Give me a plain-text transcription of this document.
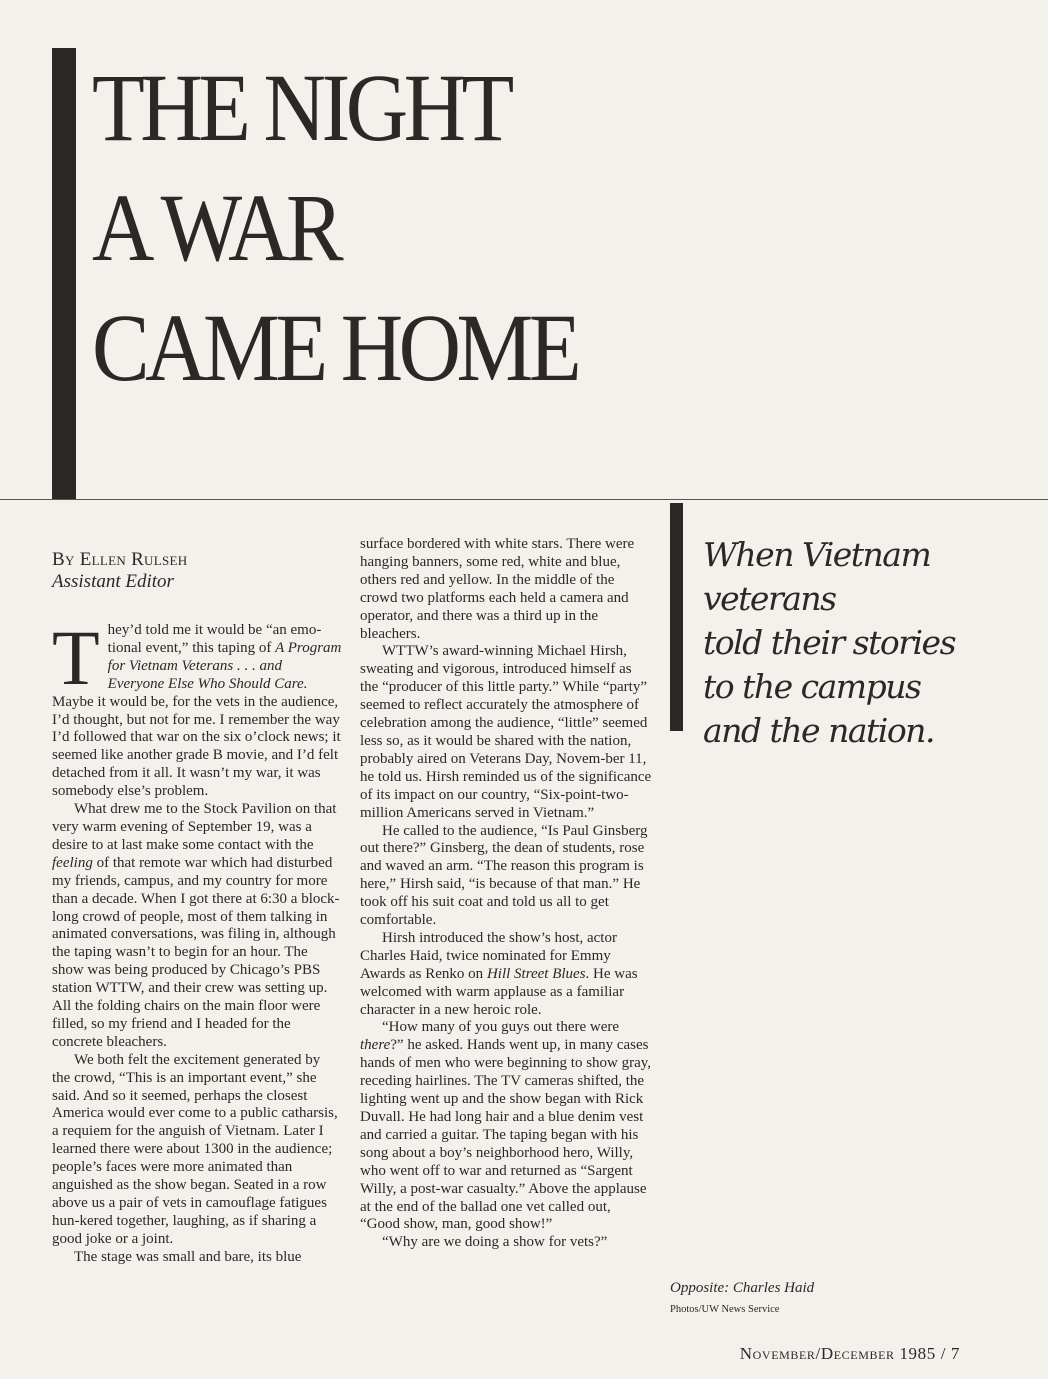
THE NIGHT
A WAR
CAME HOME
By Ellen Rulseh
Assistant Editor

They’d told me it would be “an emo-tional event,” this taping of A Program for Vietnam Veterans . . . and Everyone Else Who Should Care. Maybe it would be, for the vets in the audience, I’d thought, but not for me. I remember the way I’d followed that war on the six o’clock news; it seemed like another grade B movie, and I’d felt detached from it all. It wasn’t my war, it was somebody else’s problem.

What drew me to the Stock Pavilion on that very warm evening of September 19, was a desire to at last make some contact with the feeling of that remote war which had disturbed my friends, campus, and my country for more than a decade. When I got there at 6:30 a block-long crowd of people, most of them talking in animated conversations, was filing in, although the taping wasn’t to begin for an hour. The show was being produced by Chicago’s PBS station WTTW, and their crew was setting up. All the folding chairs on the main floor were filled, so my friend and I headed for the concrete bleachers.

We both felt the excitement generated by the crowd, “This is an important event,” she said. And so it seemed, perhaps the closest America would ever come to a public catharsis, a requiem for the anguish of Vietnam. Later I learned there were about 1300 in the audience; people’s faces were more animated than anguished as the show began. Seated in a row above us a pair of vets in camouflage fatigues hun-kered together, laughing, as if sharing a good joke or a joint.

The stage was small and bare, its blue

surface bordered with white stars. There were hanging banners, some red, white and blue, others red and yellow. In the middle of the crowd two platforms each held a camera and operator, and there was a third up in the bleachers.

WTTW’s award-winning Michael Hirsh, sweating and vigorous, introduced himself as the “producer of this little party.” While “party” seemed to reflect accurately the atmosphere of celebration among the audience, “little” seemed less so, as it would be shared with the nation, probably aired on Veterans Day, Novem-ber 11, he told us. Hirsh reminded us of the significance of its impact on our country, “Six-point-two-million Americans served in Vietnam.”

He called to the audience, “Is Paul Ginsberg out there?” Ginsberg, the dean of students, rose and waved an arm. “The reason this program is here,” Hirsh said, “is because of that man.” He took off his suit coat and told us all to get comfortable.

Hirsh introduced the show’s host, actor Charles Haid, twice nominated for Emmy Awards as Renko on Hill Street Blues. He was welcomed with warm applause as a familiar character in a new heroic role.

“How many of you guys out there were there?” he asked. Hands went up, in many cases hands of men who were beginning to show gray, receding hairlines. The TV cameras shifted, the lighting went up and the show began with Rick Duvall. He had long hair and a blue denim vest and carried a guitar. The taping began with his song about a boy’s neighborhood hero, Willy, who went off to war and returned as “Sargent Willy, a post-war casualty.” Above the applause at the end of the ballad one vet called out, “Good show, man, good show!”

“Why are we doing a show for vets?”

When Vietnam
veterans
told their stories
to the campus
and the nation.
Opposite: Charles Haid
Photos/UW News Service
November/December 1985 / 7
